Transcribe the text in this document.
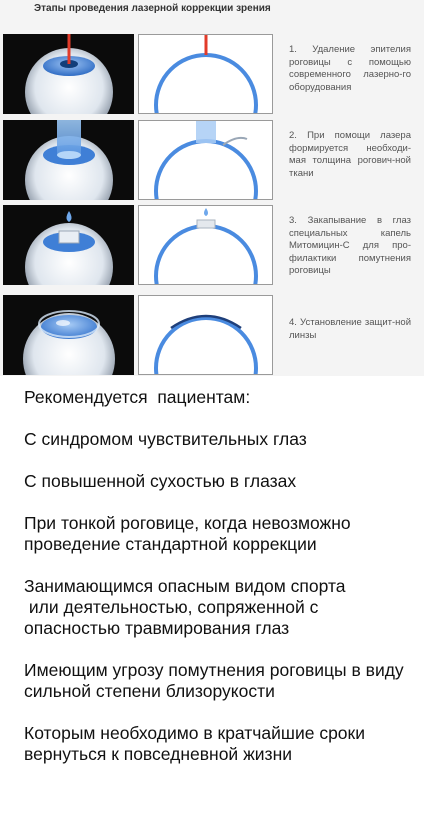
Этапы проведения лазерной коррекции зрения
1. Удаление эпителия роговицы с помощью современного лазерно-го оборудования
2. При помощи лазера формируется необходи-мая толщина рогович-ной ткани
3. Закапывание в глаз специальных капель Митомицин-С для про-филактики помутнения роговицы
4. Установление защит-ной линзы
Рекомендуется  пациентам:
С синдромом чувствительных глаз
С повышенной сухостью в глазах
При тонкой роговице, когда невозможно проведение стандартной коррекции
Занимающимся опасным видом спорта
или деятельностью, сопряженной с опасностью травмирования глаз
Имеющим угрозу помутнения роговицы в виду сильной степени близорукости
Которым необходимо в кратчайшие сроки вернуться к повседневной жизни
